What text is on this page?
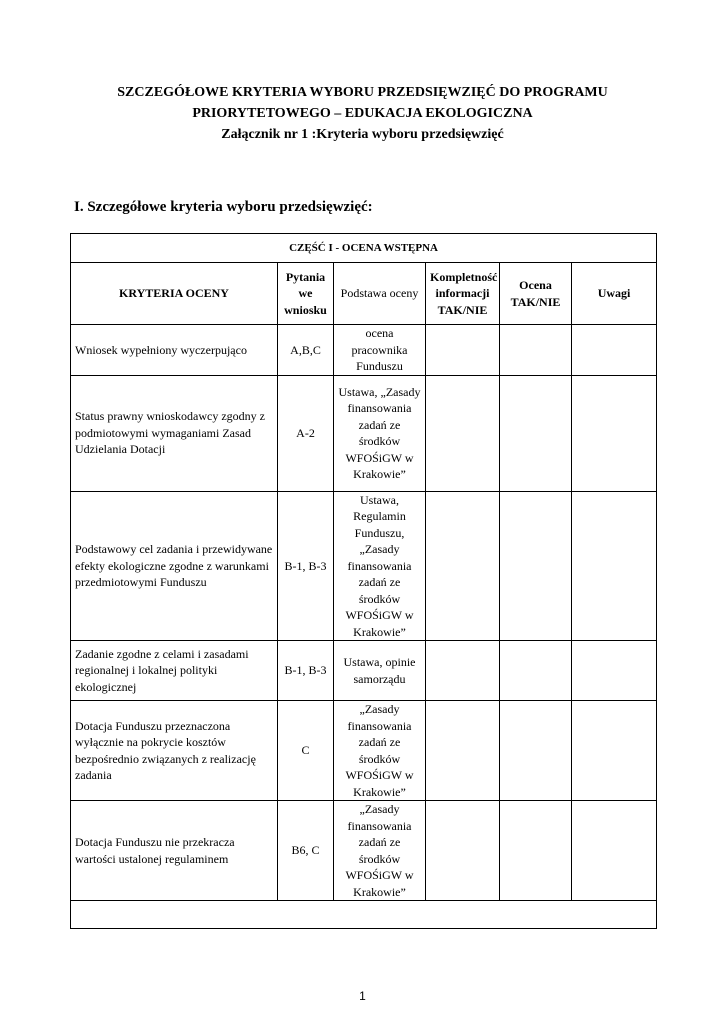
SZCZEGÓŁOWE KRYTERIA WYBORU PRZEDSIĘWZIĘĆ DO PROGRAMU
PRIORYTETOWEGO – EDUKACJA EKOLOGICZNA
Załącznik nr 1 :Kryteria wyboru przedsięwzięć
I. Szczegółowe kryteria wyboru przedsięwzięć:
CZĘŚĆ I - OCENA WSTĘPNA					
KRYTERIA OCENY	Pytania we wniosku	Podstawa oceny	Kompletność informacji TAK/NIE	Ocena TAK/NIE	Uwagi
Wniosek wypełniony wyczerpująco	A,B,C	ocena pracownika Funduszu			
Status prawny wnioskodawcy zgodny z podmiotowymi wymaganiami Zasad Udzielania Dotacji	A-2	Ustawa, „Zasady finansowania zadań ze środków WFOŚiGW w Krakowie”			
Podstawowy cel zadania i przewidywane efekty ekologiczne zgodne z warunkami przedmiotowymi Funduszu	B-1, B-3	Ustawa, Regulamin Funduszu, „Zasady finansowania zadań ze środków WFOŚiGW w Krakowie”			
Zadanie zgodne z celami i zasadami regionalnej i lokalnej polityki ekologicznej	B-1, B-3	Ustawa, opinie samorządu			
Dotacja Funduszu przeznaczona wyłącznie na pokrycie kosztów bezpośrednio związanych z realizację zadania	C	„Zasady finansowania zadań ze środków WFOŚiGW w Krakowie”			
Dotacja Funduszu nie przekracza wartości ustalonej regulaminem	B6, C	„Zasady finansowania zadań ze środków WFOŚiGW w Krakowie”			

1
